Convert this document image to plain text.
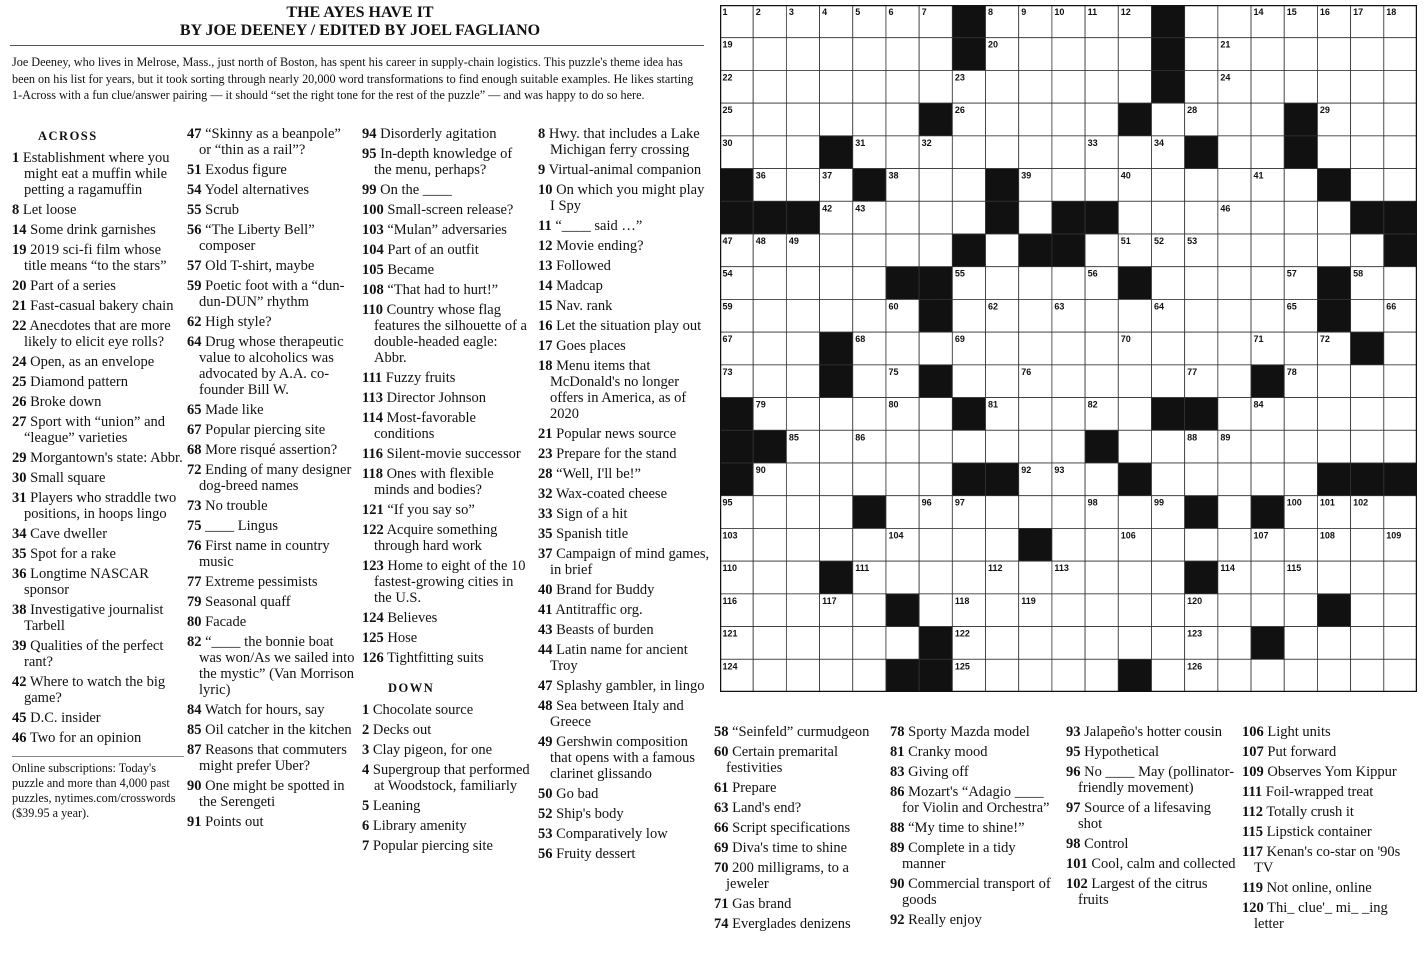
THE AYES HAVE IT
BY JOE DEENEY / EDITED BY JOEL FAGLIANO
Joe Deeney, who lives in Melrose, Mass., just north of Boston, has spent his career in supply-chain logistics. This puzzle's theme idea has been on his list for years, but it took sorting through nearly 20,000 word transformations to find enough suitable examples. He likes starting 1-Across with a fun clue/answer pairing — it should “set the right tone for the rest of the puzzle” — and was happy to do so here.
ACROSS
1 Establishment where you might eat a muffin while petting a ragamuffin
8 Let loose
14 Some drink garnishes
19 2019 sci-fi film whose title means “to the stars”
20 Part of a series
21 Fast-casual bakery chain
22 Anecdotes that are more likely to elicit eye rolls?
24 Open, as an envelope
25 Diamond pattern
26 Broke down
27 Sport with “union” and “league” varieties
29 Morgantown's state: Abbr.
30 Small square
31 Players who straddle two positions, in hoops lingo
34 Cave dweller
35 Spot for a rake
36 Longtime NASCAR sponsor
38 Investigative journalist Tarbell
39 Qualities of the perfect rant?
42 Where to watch the big game?
45 D.C. insider
46 Two for an opinion
Online subscriptions: Today's puzzle and more than 4,000 past puzzles, nytimes.com/crosswords ($39.95 a year).
47 “Skinny as a beanpole” or “thin as a rail”?
51 Exodus figure
54 Yodel alternatives
55 Scrub
56 “The Liberty Bell” composer
57 Old T-shirt, maybe
59 Poetic foot with a “dun-dun-DUN” rhythm
62 High style?
64 Drug whose therapeutic value to alcoholics was advocated by A.A. co-founder Bill W.
65 Made like
67 Popular piercing site
68 More risqué assertion?
72 Ending of many designer dog-breed names
73 No trouble
75 ____ Lingus
76 First name in country music
77 Extreme pessimists
79 Seasonal quaff
80 Facade
82 “____ the bonnie boat was won/As we sailed into the mystic” (Van Morrison lyric)
84 Watch for hours, say
85 Oil catcher in the kitchen
87 Reasons that commuters might prefer Uber?
90 One might be spotted in the Serengeti
91 Points out
94 Disorderly agitation
95 In-depth knowledge of the menu, perhaps?
99 On the ____
100 Small-screen release?
103 “Mulan” adversaries
104 Part of an outfit
105 Became
108 “That had to hurt!”
110 Country whose flag features the silhouette of a double-headed eagle: Abbr.
111 Fuzzy fruits
113 Director Johnson
114 Most-favorable conditions
116 Silent-movie successor
118 Ones with flexible minds and bodies?
121 “If you say so”
122 Acquire something through hard work
123 Home to eight of the 10 fastest-growing cities in the U.S.
124 Believes
125 Hose
126 Tightfitting suits
DOWN
1 Chocolate source
2 Decks out
3 Clay pigeon, for one
4 Supergroup that performed at Woodstock, familiarly
5 Leaning
6 Library amenity
7 Popular piercing site
8 Hwy. that includes a Lake Michigan ferry crossing
9 Virtual-animal companion
10 On which you might play I Spy
11 “____ said …”
12 Movie ending?
13 Followed
14 Madcap
15 Nav. rank
16 Let the situation play out
17 Goes places
18 Menu items that McDonald's no longer offers in America, as of 2020
21 Popular news source
23 Prepare for the stand
28 “Well, I'll be!”
32 Wax-coated cheese
33 Sign of a hit
35 Spanish title
37 Campaign of mind games, in brief
40 Brand for Buddy
41 Antitraffic org.
43 Beasts of burden
44 Latin name for ancient Troy
47 Splashy gambler, in lingo
48 Sea between Italy and Greece
49 Gershwin composition that opens with a famous clarinet glissando
50 Go bad
52 Ship's body
53 Comparatively low
56 Fruity dessert
58 “Seinfeld” curmudgeon
60 Certain premarital festivities
61 Prepare
63 Land's end?
66 Script specifications
69 Diva's time to shine
70 200 milligrams, to a jeweler
71 Gas brand
74 Everglades denizens
78 Sporty Mazda model
81 Cranky mood
83 Giving off
86 Mozart's “Adagio ____ for Violin and Orchestra”
88 “My time to shine!”
89 Complete in a tidy manner
90 Commercial transport of goods
92 Really enjoy
93 Jalapeño's hotter cousin
95 Hypothetical
96 No ____ May (pollinator-friendly movement)
97 Source of a lifesaving shot
98 Control
101 Cool, calm and collected
102 Largest of the citrus fruits
106 Light units
107 Put forward
109 Observes Yom Kippur
111 Foil-wrapped treat
112 Totally crush it
115 Lipstick container
117 Kenan's co-star on '90s TV
119 Not online, online
120 Thi_ clue'_ mi_ _ing letter
1	2	3	4	5	6	7	8	9	10	11	12	13	14	15	16	17	18
19	20	21
22	23	24
25	26	27	28	29
30	31	32	33	34	35
36	37	38	39	40	41
42	43	44	45	46
47	48	49	50	51	52	53
54	55	56	57	58
59	60	61	62	63	64	65	66
67	68	69	70	71	72
73	74	75	76	77	78
79	80	81	82	83	84
85	86	87	88	89
90	91	92	93	94
95	96	97	98	99	100 101 102
103	104	105	106	107	108	109
110	111	112	113	114	115
116	117	118	119	120
121	122	123
124	125	126
